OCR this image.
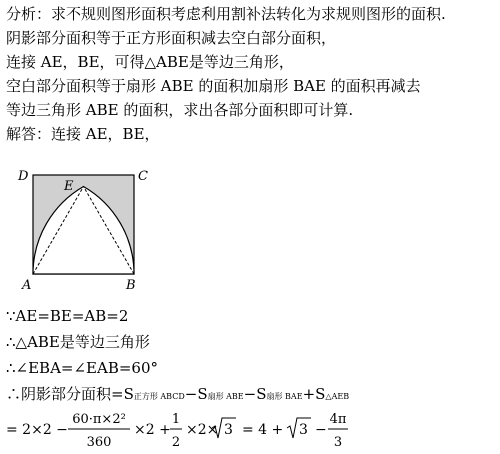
分析：求不规则图形面积考虑利用割补法转化为求规则图形的面积.
阴影部分面积等于正方形面积减去空白部分面积，
连接 AE，BE，可得△ABE是等边三角形，
空白部分面积等于扇形 ABE 的面积加扇形 BAE 的面积再减去
等边三角形 ABE 的面积，求出各部分面积即可计算.
解答：连接 AE，BE，
D	C
E
A	B
∵AE=BE=AB=2
∴△ABE是等边三角形
∴∠EBA=∠EAB=60°
∴阴影部分面积=S正方形 ABCD−S扇形 ABE−S扇形 BAE+S△AEB
= 2×2 −
60·π×2²
360
×2 +
1
2
×2× 3 = 4 + 3 −
4π
3
